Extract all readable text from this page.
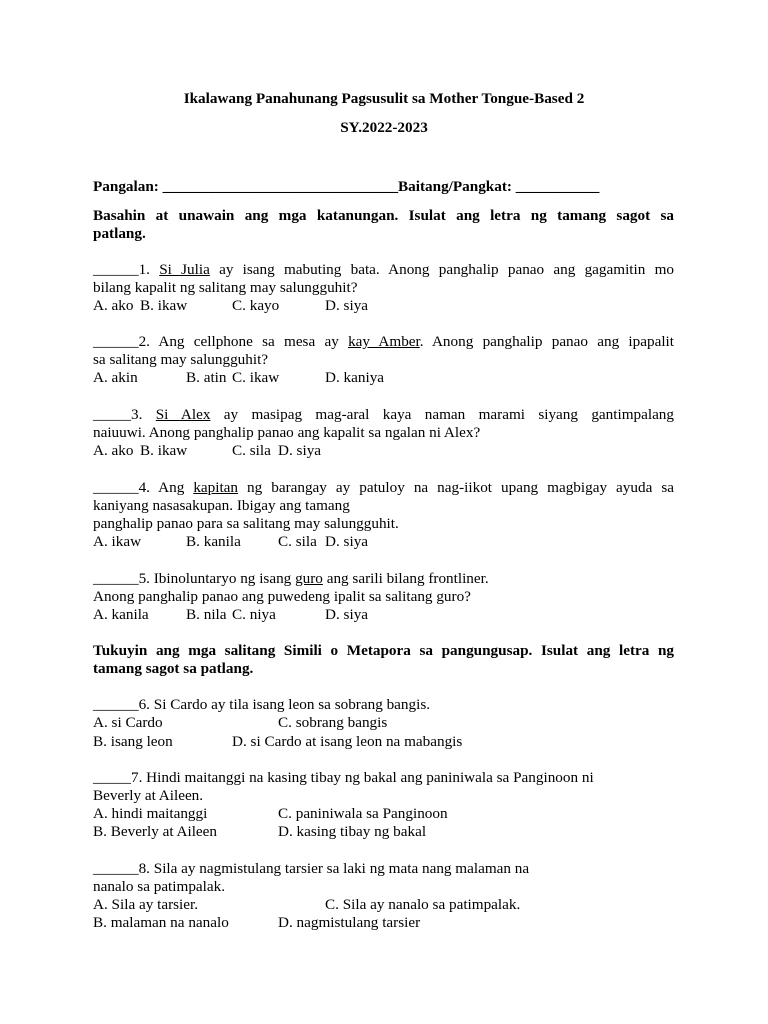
Ikalawang Panahunang Pagsusulit sa Mother Tongue-Based 2
SY.2022-2023
Pangalan: _______________________________Baitang/Pangkat: ___________
Basahin at unawain ang mga katanungan. Isulat ang letra ng tamang sagot sa
patlang.
______1. Si Julia ay isang mabuting bata. Anong panghalip panao ang gagamitin mo
bilang kapalit ng salitang may salungguhit?
A. ako B. ikaw	C. kayo	D. siya
______2. Ang cellphone sa mesa ay kay Amber. Anong panghalip panao ang ipapalit
sa salitang may salungguhit?
A. akin	B. atin C. ikaw	D. kaniya
_____3. Si Alex ay masipag mag-aral kaya naman marami siyang gantimpalang
naiuuwi. Anong panghalip panao ang kapalit sa ngalan ni Alex?
A. ako B. ikaw	C. sila D. siya
______4. Ang kapitan ng barangay ay patuloy na nag-iikot upang magbigay ayuda sa
kaniyang nasasakupan. Ibigay ang tamang
panghalip panao para sa salitang may salungguhit.
A. ikaw	B. kanila C. sila D. siya
______5. Ibinoluntaryo ng isang guro ang sarili bilang frontliner.
Anong panghalip panao ang puwedeng ipalit sa salitang guro?
A. kanila B. nila C. niya	D. siya
Tukuyin ang mga salitang Simili o Metapora sa pangungusap. Isulat ang letra ng
tamang sagot sa patlang.
______6. Si Cardo ay tila isang leon sa sobrang bangis.
A. si Cardo	C. sobrang bangis
B. isang leon	D. si Cardo at isang leon na mabangis
_____7. Hindi maitanggi na kasing tibay ng bakal ang paniniwala sa Panginoon ni
Beverly at Aileen.
A. hindi maitanggi	C. paniniwala sa Panginoon
B. Beverly at Aileen	D. kasing tibay ng bakal
______8. Sila ay nagmistulang tarsier sa laki ng mata nang malaman na
nanalo sa patimpalak.
A. Sila ay tarsier.	C. Sila ay nanalo sa patimpalak.
B. malaman na nanalo	D. nagmistulang tarsier
